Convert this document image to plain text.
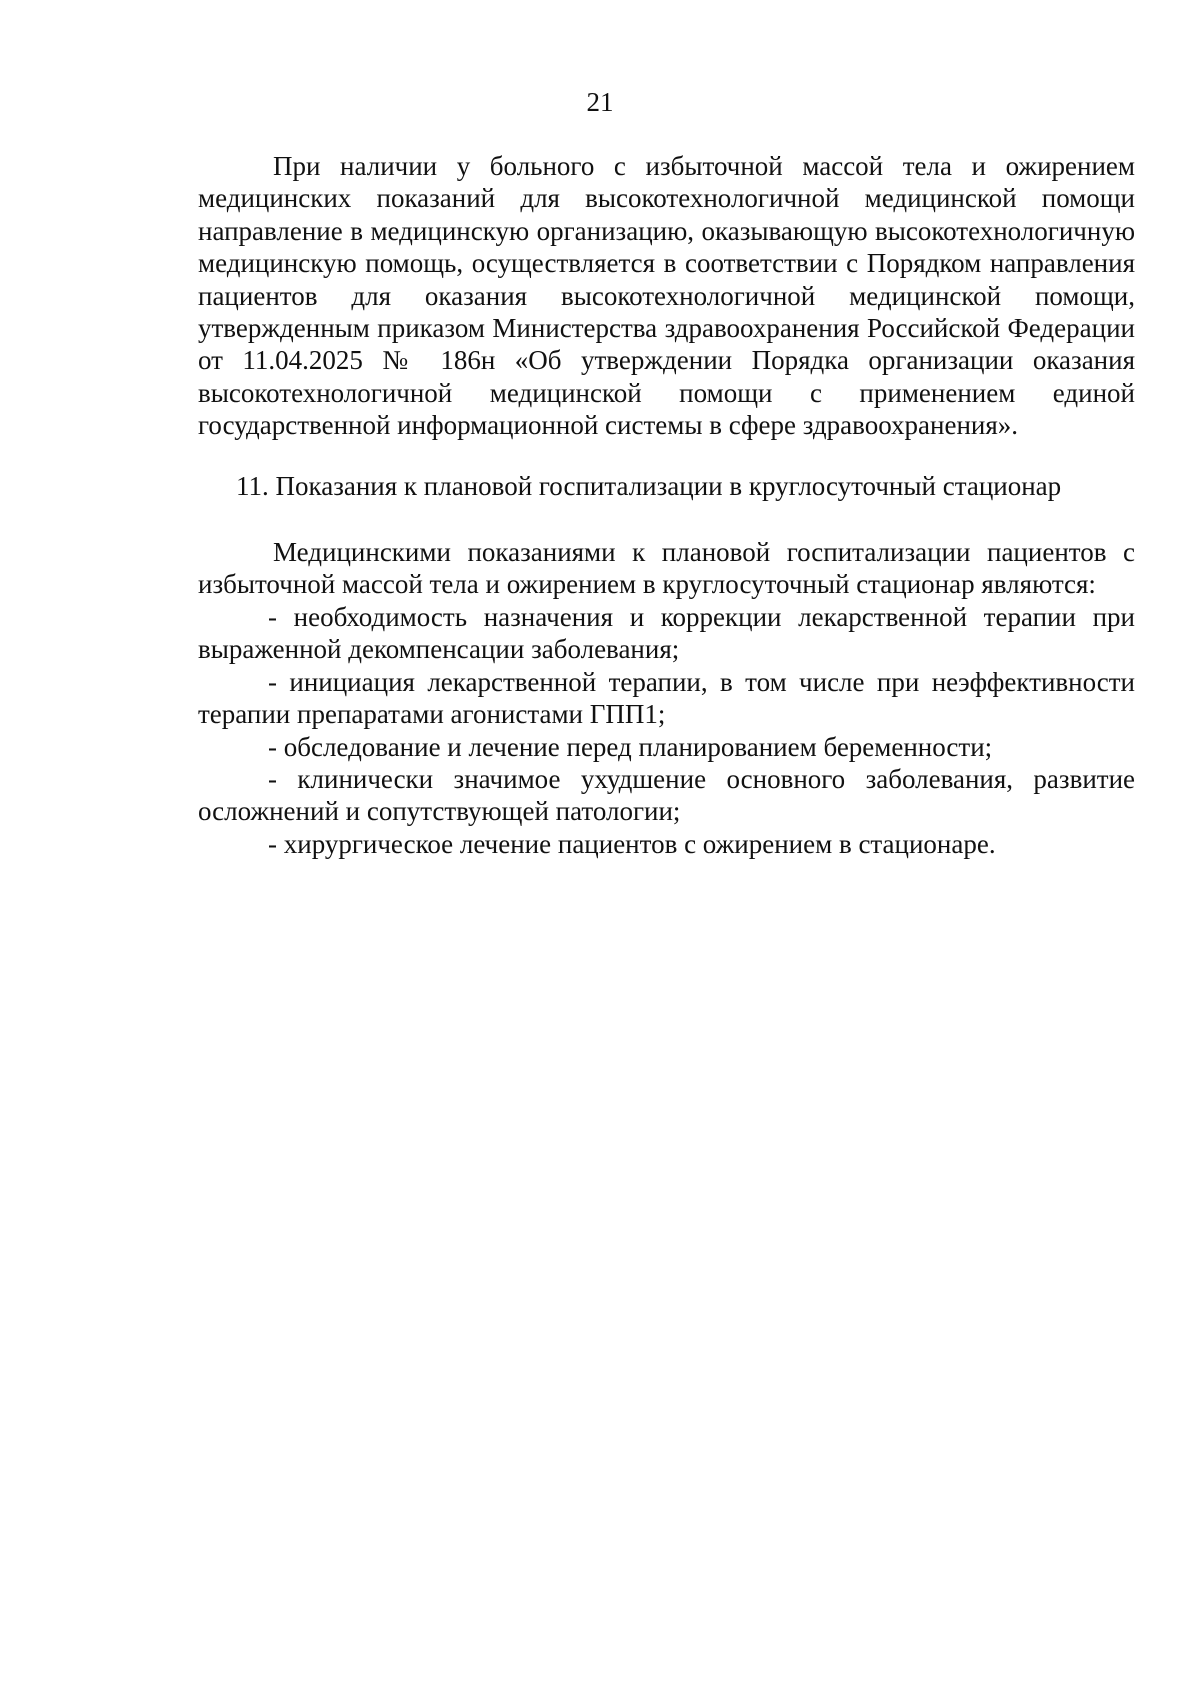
21

При наличии у больного с избыточной массой тела и ожирением медицинских показаний для высокотехнологичной медицинской помощи направление в медицинскую организацию, оказывающую высокотехнологичную медицинскую помощь, осуществляется в соответствии с Порядком направления пациентов для оказания высокотехнологичной медицинской помощи, утвержденным приказом Министерства здравоохранения Российской Федерации от 11.04.2025 № 186н «Об утверждении Порядка организации оказания высокотехнологичной медицинской помощи с применением единой государственной информационной системы в сфере здравоохранения».

11. Показания к плановой госпитализации в круглосуточный стационар

Медицинскими показаниями к плановой госпитализации пациентов с избыточной массой тела и ожирением в круглосуточный стационар являются:

- необходимость назначения и коррекции лекарственной терапии при выраженной декомпенсации заболевания;

- инициация лекарственной терапии, в том числе при неэффективности терапии препаратами агонистами ГПП1;

- обследование и лечение перед планированием беременности;

- клинически значимое ухудшение основного заболевания, развитие осложнений и сопутствующей патологии;

- хирургическое лечение пациентов с ожирением в стационаре.
